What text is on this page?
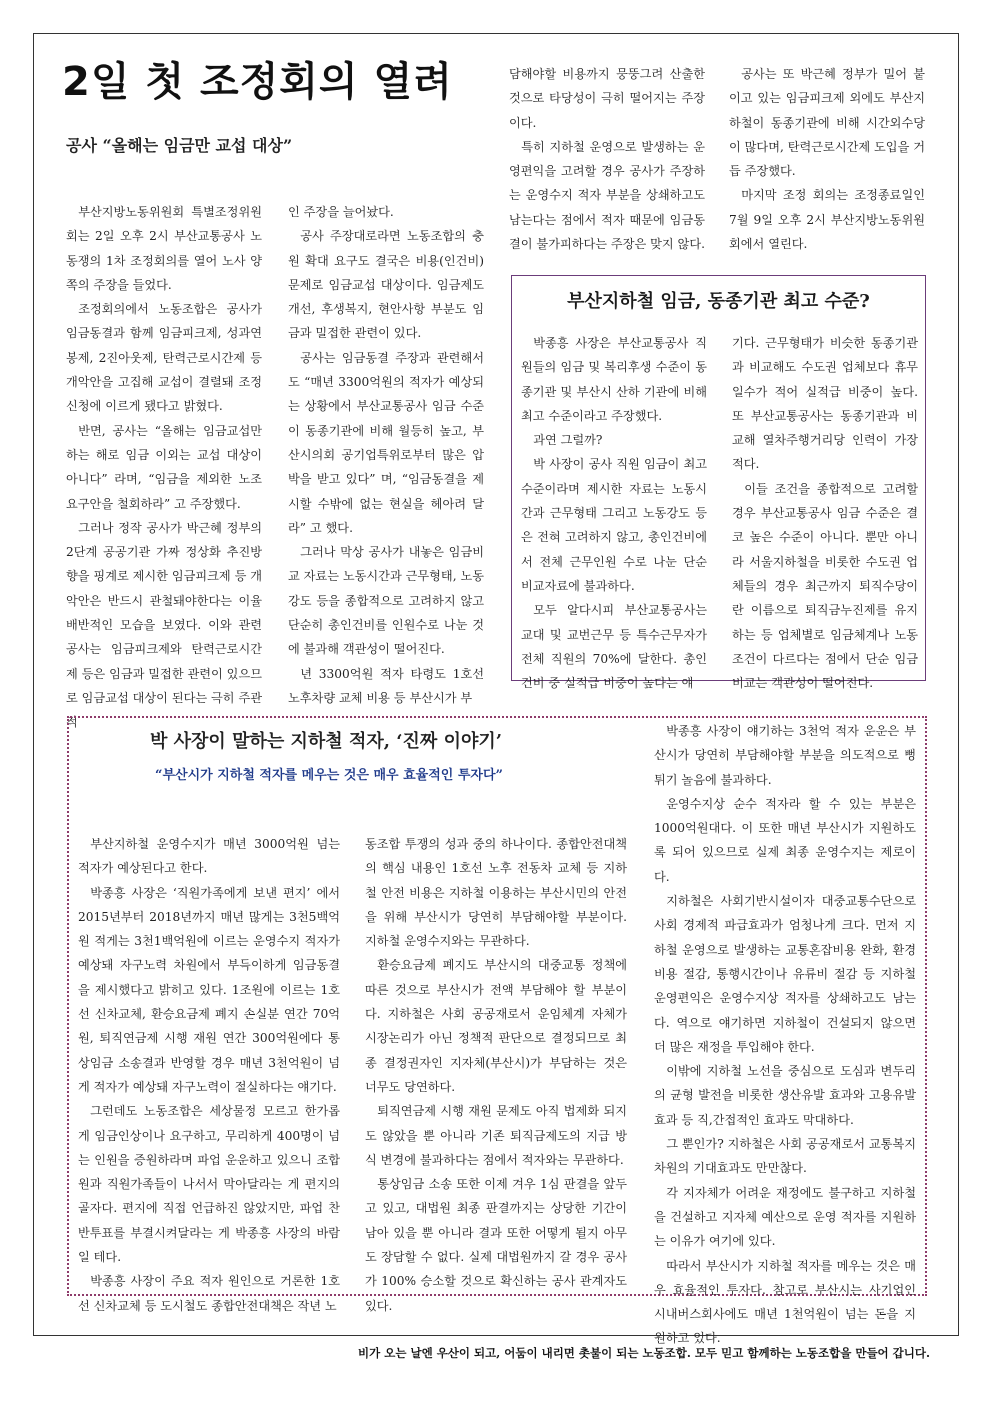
2일 첫 조정회의 열려
공사 “올해는 임금만 교섭 대상”

부산지방노동위원회 특별조정위원회는 2일 오후 2시 부산교통공사 노동쟁의 1차 조정회의를 열어 노사 양쪽의 주장을 들었다.

조정회의에서 노동조합은 공사가 임금동결과 함께 임금피크제, 성과연봉제, 2진아웃제, 탄력근로시간제 등 개악안을 고집해 교섭이 결렬돼 조정신청에 이르게 됐다고 밝혔다.

반면, 공사는 “올해는 임금교섭만 하는 해로 임금 이외는 교섭 대상이 아니다” 라며, “임금을 제외한 노조 요구안을 철회하라” 고 주장했다.

그러나 정작 공사가 박근혜 정부의 2단계 공공기관 가짜 정상화 추진방향을 핑계로 제시한 임금피크제 등 개악안은 반드시 관철돼야한다는 이율배반적인 모습을 보였다. 이와 관련 공사는 임금피크제와 탄력근로시간제 등은 임금과 밀접한 관련이 있으므로 임금교섭 대상이 된다는 극히 주관적

인 주장을 늘어놨다.

공사 주장대로라면 노동조합의 충원 확대 요구도 결국은 비용(인건비) 문제로 임금교섭 대상이다. 임금제도 개선, 후생복지, 현안사항 부분도 임금과 밀접한 관련이 있다.

공사는 임금동결 주장과 관련해서도 “매년 3300억원의 적자가 예상되는 상황에서 부산교통공사 임금 수준이 동종기관에 비해 월등히 높고, 부산시의회 공기업특위로부터 많은 압박을 받고 있다” 며, “임금동결을 제시할 수밖에 없는 현실을 헤아려 달라” 고 했다.

그러나 막상 공사가 내놓은 임금비교 자료는 노동시간과 근무형태, 노동강도 등을 종합적으로 고려하지 않고 단순히 총인건비를 인원수로 나눈 것에 불과해 객관성이 떨어진다.

년 3300억원 적자 타령도 1호선 노후차량 교체 비용 등 부산시가 부

담해야할 비용까지 뭉뚱그려 산출한 것으로 타당성이 극히 떨어지는 주장이다.

특히 지하철 운영으로 발생하는 운영편익을 고려할 경우 공사가 주장하는 운영수지 적자 부분을 상쇄하고도 남는다는 점에서 적자 때문에 임금동결이 불가피하다는 주장은 맞지 않다.

공사는 또 박근혜 정부가 밀어 붙이고 있는 임금피크제 외에도 부산지하철이 동종기관에 비해 시간외수당이 많다며, 탄력근로시간제 도입을 거듭 주장했다.

마지막 조정 회의는 조정종료일인 7월 9일 오후 2시 부산지방노동위원회에서 열린다.

부산지하철 임금, 동종기관 최고 수준?

박종흥 사장은 부산교통공사 직원들의 임금 및 복리후생 수준이 동종기관 및 부산시 산하 기관에 비해 최고 수준이라고 주장했다.

과연 그럴까?

박 사장이 공사 직원 임금이 최고 수준이라며 제시한 자료는 노동시간과 근무형태 그리고 노동강도 등은 전혀 고려하지 않고, 총인건비에서 전체 근무인원 수로 나눈 단순 비교자료에 불과하다.

모두 알다시피 부산교통공사는 교대 및 교번근무 등 특수근무자가 전체 직원의 70%에 달한다. 총인건비 중 실적급 비중이 높다는 얘

기다. 근무형태가 비슷한 동종기관과 비교해도 수도권 업체보다 휴무일수가 적어 실적급 비중이 높다. 또 부산교통공사는 동종기관과 비교해 열차주행거리당 인력이 가장 적다.

이들 조건을 종합적으로 고려할 경우 부산교통공사 임금 수준은 결코 높은 수준이 아니다. 뿐만 아니라 서울지하철을 비롯한 수도권 업체들의 경우 최근까지 퇴직수당이란 이름으로 퇴직금누진제를 유지하는 등 업체별로 임금체계나 노동조건이 다르다는 점에서 단순 임금비교는 객관성이 떨어진다.

박 사장이 말하는 지하철 적자, ‘진짜 이야기’
“부산시가 지하철 적자를 메우는 것은 매우 효율적인 투자다”

부산지하철 운영수지가 매년 3000억원 넘는 적자가 예상된다고 한다.

박종흥 사장은 ‘직원가족에게 보낸 편지’ 에서 2015년부터 2018년까지 매년 많게는 3천5백억원 적게는 3천1백억원에 이르는 운영수지 적자가 예상돼 자구노력 차원에서 부득이하게 임금동결을 제시했다고 밝히고 있다. 1조원에 이르는 1호선 신차교체, 환승요금제 폐지 손실분 연간 70억원, 퇴직연금제 시행 재원 연간 300억원에다 통상임금 소송결과 반영할 경우 매년 3천억원이 넘게 적자가 예상돼 자구노력이 절실하다는 얘기다.

그런데도 노동조합은 세상물정 모르고 한가롭게 임금인상이나 요구하고, 무리하게 400명이 넘는 인원을 증원하라며 파업 운운하고 있으니 조합원과 직원가족들이 나서서 막아달라는 게 편지의 골자다. 편지에 직접 언급하진 않았지만, 파업 찬반투표를 부결시켜달라는 게 박종흥 사장의 바람일 테다.

박종흥 사장이 주요 적자 원인으로 거론한 1호선 신차교체 등 도시철도 종합안전대책은 작년 노

동조합 투쟁의 성과 중의 하나이다. 종합안전대책의 핵심 내용인 1호선 노후 전동차 교체 등 지하철 안전 비용은 지하철 이용하는 부산시민의 안전을 위해 부산시가 당연히 부담해야할 부분이다. 지하철 운영수지와는 무관하다.

환승요금제 폐지도 부산시의 대중교통 정책에 따른 것으로 부산시가 전액 부담해야 할 부분이다. 지하철은 사회 공공재로서 운임체계 자체가 시장논리가 아닌 정책적 판단으로 결정되므로 최종 결정권자인 지자체(부산시)가 부담하는 것은 너무도 당연하다.

퇴직연금제 시행 재원 문제도 아직 법제화 되지도 않았을 뿐 아니라 기존 퇴직금제도의 지급 방식 변경에 불과하다는 점에서 적자와는 무관하다.

통상임금 소송 또한 이제 겨우 1심 판결을 앞두고 있고, 대법원 최종 판결까지는 상당한 기간이 남아 있을 뿐 아니라 결과 또한 어떻게 될지 아무도 장담할 수 없다. 실제 대법원까지 갈 경우 공사가 100% 승소할 것으로 확신하는 공사 관계자도 있다.

박종흥 사장이 얘기하는 3천억 적자 운운은 부산시가 당연히 부담해야할 부분을 의도적으로 뻥튀기 놀음에 불과하다.

운영수지상 순수 적자라 할 수 있는 부분은 1000억원대다. 이 또한 매년 부산시가 지원하도록 되어 있으므로 실제 최종 운영수지는 제로이다.

지하철은 사회기반시설이자 대중교통수단으로 사회 경제적 파급효과가 엄청나게 크다. 먼저 지하철 운영으로 발생하는 교통혼잡비용 완화, 환경비용 절감, 통행시간이나 유류비 절감 등 지하철 운영편익은 운영수지상 적자를 상쇄하고도 남는다. 역으로 얘기하면 지하철이 건설되지 않으면 더 많은 재정을 투입해야 한다.

이밖에 지하철 노선을 중심으로 도심과 변두리의 균형 발전을 비롯한 생산유발 효과와 고용유발 효과 등 직,간접적인 효과도 막대하다.

그 뿐인가? 지하철은 사회 공공재로서 교통복지 차원의 기대효과도 만만찮다.

각 지자체가 어려운 재정에도 불구하고 지하철을 건설하고 지자체 예산으로 운영 적자를 지원하는 이유가 여기에 있다.

따라서 부산시가 지하철 적자를 메우는 것은 매우 효율적인 투자다. 참고로 부산시는 사기업인 시내버스회사에도 매년 1천억원이 넘는 돈을 지원하고 있다.

비가 오는 날엔 우산이 되고, 어둠이 내리면 촛불이 되는 노동조합. 모두 믿고 함께하는 노동조합을 만들어 갑니다.
